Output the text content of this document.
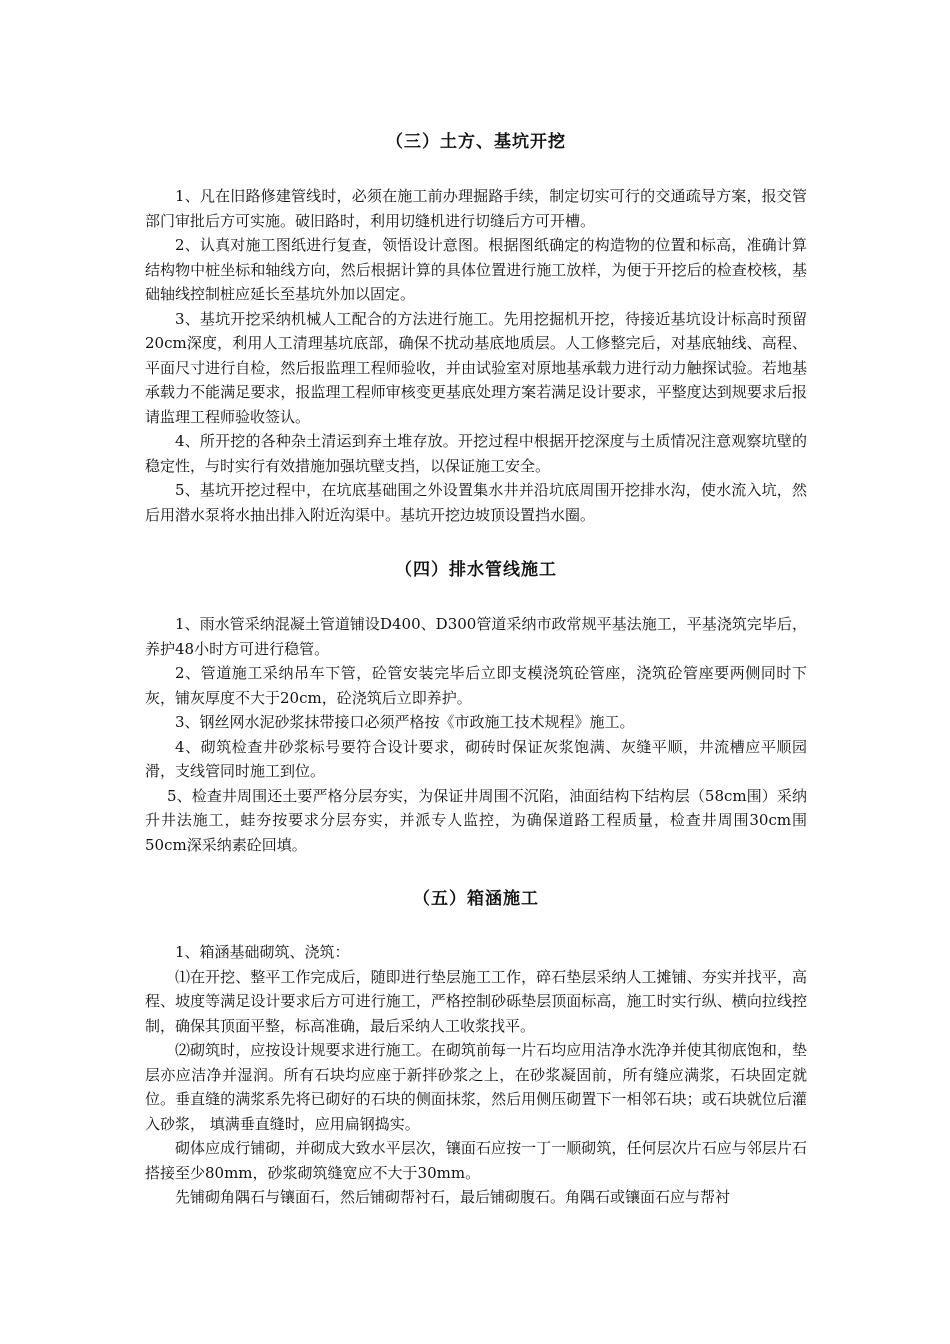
（三）土方、基坑开挖

1、凡在旧路修建管线时，必须在施工前办理掘路手续，制定切实可行的交通疏导方案，报交管部门审批后方可实施。破旧路时，利用切缝机进行切缝后方可开槽。

2、认真对施工图纸进行复查，领悟设计意图。根据图纸确定的构造物的位置和标高，准确计算结构物中桩坐标和轴线方向，然后根据计算的具体位置进行施工放样，为便于开挖后的检查校核，基础轴线控制桩应延长至基坑外加以固定。

3、基坑开挖采纳机械人工配合的方法进行施工。先用挖掘机开挖，待接近基坑设计标高时预留20cm深度，利用人工清理基坑底部，确保不扰动基底地质层。人工修整完后，对基底轴线、高程、平面尺寸进行自检，然后报监理工程师验收，并由试验室对原地基承载力进行动力触探试验。若地基承载力不能满足要求，报监理工程师审核变更基底处理方案若满足设计要求，平整度达到规要求后报请监理工程师验收签认。

4、所开挖的各种杂土清运到弃土堆存放。开挖过程中根据开挖深度与土质情况注意观察坑壁的稳定性，与时实行有效措施加强坑壁支挡，以保证施工安全。

5、基坑开挖过程中，在坑底基础围之外设置集水井并沿坑底周围开挖排水沟，使水流入坑，然后用潜水泵将水抽出排入附近沟渠中。基坑开挖边坡顶设置挡水圈。

（四）排水管线施工

1、雨水管采纳混凝土管道铺设D400、D300管道采纳市政常规平基法施工，平基浇筑完毕后，养护48小时方可进行稳管。

2、管道施工采纳吊车下管，砼管安装完毕后立即支模浇筑砼管座，浇筑砼管座要两侧同时下灰，铺灰厚度不大于20cm，砼浇筑后立即养护。

3、钢丝网水泥砂浆抹带接口必须严格按《市政施工技术规程》施工。

4、砌筑检查井砂浆标号要符合设计要求，砌砖时保证灰浆饱满、灰缝平顺，井流槽应平顺园滑，支线管同时施工到位。

5、检查井周围还土要严格分层夯实，为保证井周围不沉陷，油面结构下结构层（58cm围）采纳升井法施工，蛙夯按要求分层夯实，并派专人监控，为确保道路工程质量，检查井周围30cm围50cm深采纳素砼回填。

（五）箱涵施工

1、箱涵基础砌筑、浇筑：

⑴在开挖、整平工作完成后，随即进行垫层施工工作，碎石垫层采纳人工摊铺、夯实并找平，高程、坡度等满足设计要求后方可进行施工，严格控制砂砾垫层顶面标高，施工时实行纵、横向拉线控制，确保其顶面平整，标高准确，最后采纳人工收浆找平。

⑵砌筑时，应按设计规要求进行施工。在砌筑前每一片石均应用洁净水洗净并使其彻底饱和，垫层亦应洁净并湿润。所有石块均应座于新拌砂浆之上，在砂浆凝固前，所有缝应满浆，石块固定就位。垂直缝的满浆系先将已砌好的石块的侧面抹浆，然后用侧压砌置下一相邻石块；或石块就位后灌入砂浆， 填满垂直缝时，应用扁钢捣实。

砌体应成行铺砌，并砌成大致水平层次，镶面石应按一丁一顺砌筑，任何层次片石应与邻层片石搭接至少80mm，砂浆砌筑缝宽应不大于30mm。

先铺砌角隅石与镶面石，然后铺砌帮衬石，最后铺砌腹石。角隅石或镶面石应与帮衬
